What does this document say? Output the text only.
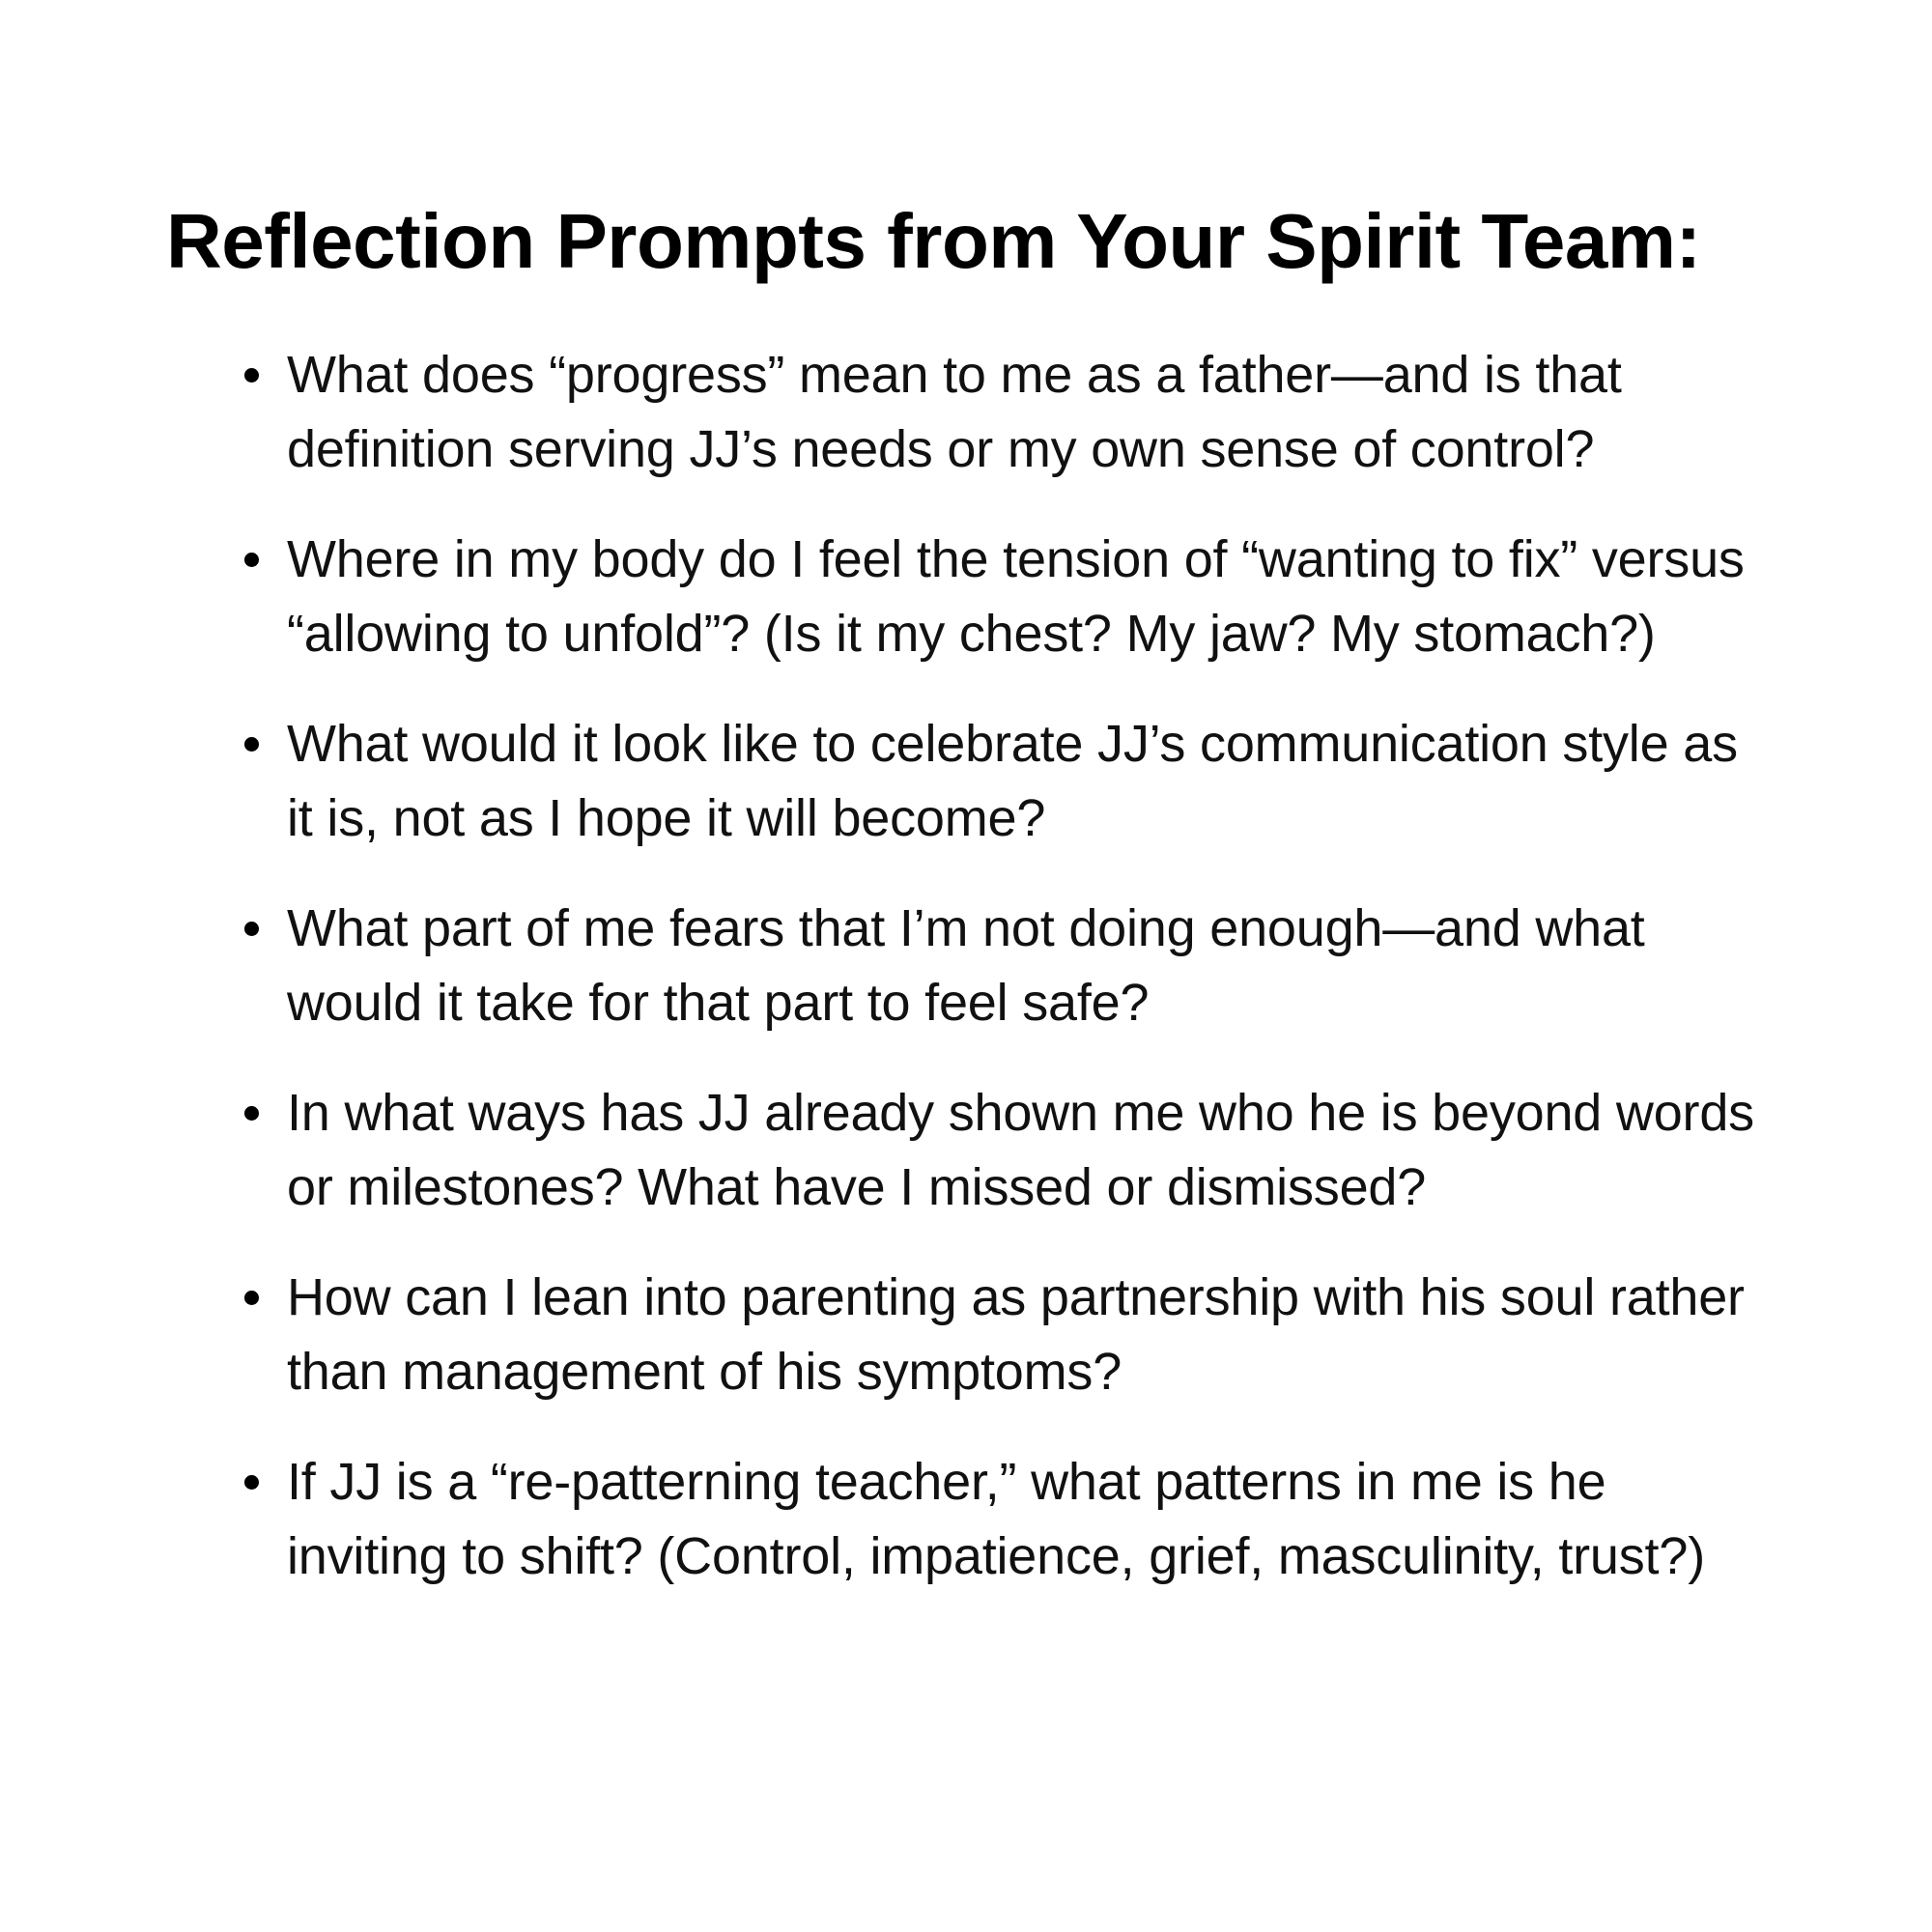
Reflection Prompts from Your Spirit Team:
What does “progress” mean to me as a father—and is that definition serving JJ’s needs or my own sense of control?
Where in my body do I feel the tension of “wanting to fix” versus “allowing to unfold”? (Is it my chest? My jaw? My stomach?)
What would it look like to celebrate JJ’s communication style as it is, not as I hope it will become?
What part of me fears that I’m not doing enough—and what would it take for that part to feel safe?
In what ways has JJ already shown me who he is beyond words or milestones? What have I missed or dismissed?
How can I lean into parenting as partnership with his soul rather than management of his symptoms?
If JJ is a “re-patterning teacher,” what patterns in me is he inviting to shift? (Control, impatience, grief, masculinity, trust?)
